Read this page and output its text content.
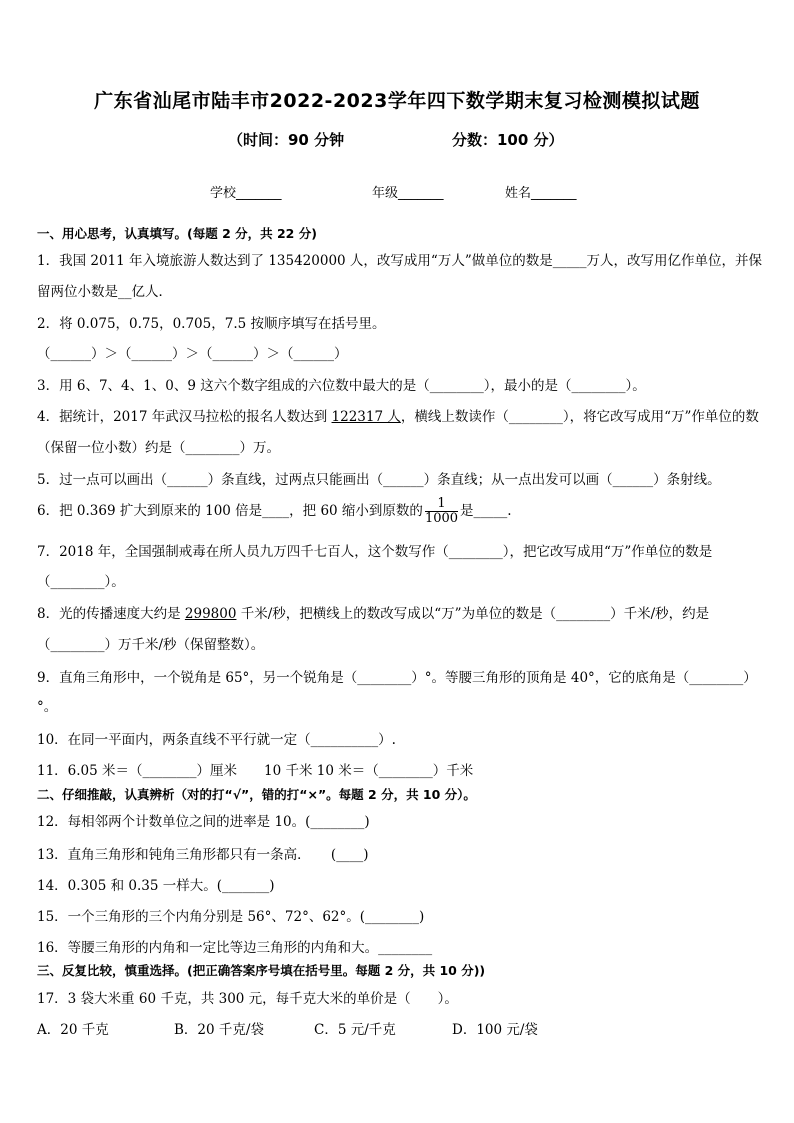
广东省汕尾市陆丰市2022-2023学年四下数学期末复习检测模拟试题
（时间：90 分钟	分数：100 分）
学校_______	年级_______	姓名_______
一、用心思考，认真填写。(每题 2 分，共 22 分)
1．我国 2011 年入境旅游人数达到了 135420000 人，改写成用“万人”做单位的数是_____万人，改写用亿作单位，并保
留两位小数是__亿人．
2．将 0.075，0.75，0.705，7.5 按顺序填写在括号里。
（______）＞（______）＞（______）＞（______）
3．用 6、7、4、1、0、9 这六个数字组成的六位数中最大的是（________），最小的是（________）。
4．据统计，2017 年武汉马拉松的报名人数达到 122317 人，横线上数读作（________），将它改写成用“万”作单位的数
（保留一位小数）约是（________）万。
5．过一点可以画出（______）条直线，过两点只能画出（______）条直线；从一点出发可以画（______）条射线。
6．把 0.369 扩大到原来的 100 倍是____，把 60 缩小到原数的 $\frac{1}{1000}$ 是_____.
7．2018 年，全国强制戒毒在所人员九万四千七百人，这个数写作（________），把它改写成用“万”作单位的数是
（________）。
8．光的传播速度大约是 299800 千米/秒，把横线上的数改写成以“万”为单位的数是（________）千米/秒，约是
（________）万千米/秒（保留整数）。
9．直角三角形中，一个锐角是 65°，另一个锐角是（________）°。等腰三角形的顶角是 40°，它的底角是（________）
°。
10．在同一平面内，两条直线不平行就一定（__________）.
11．6.05 米＝（________）厘米　　10 千米 10 米＝（________）千米
二、仔细推敲，认真辨析（对的打“√”，错的打“×”。每题 2 分，共 10 分）。
12．每相邻两个计数单位之间的进率是 10。(________)
13．直角三角形和钝角三角形都只有一条高．　　(____)
14．0.305 和 0.35 一样大。(_______)
15．一个三角形的三个内角分别是 56°、72°、62°。(________)
16．等腰三角形的内角和一定比等边三角形的内角和大。________
三、反复比较，慎重选择。(把正确答案序号填在括号里。每题 2 分，共 10 分))
17．3 袋大米重 60 千克，共 300 元，每千克大米的单价是（　　）。
A．20 千克	B．20 千克/袋	C．5 元/千克	D．100 元/袋
